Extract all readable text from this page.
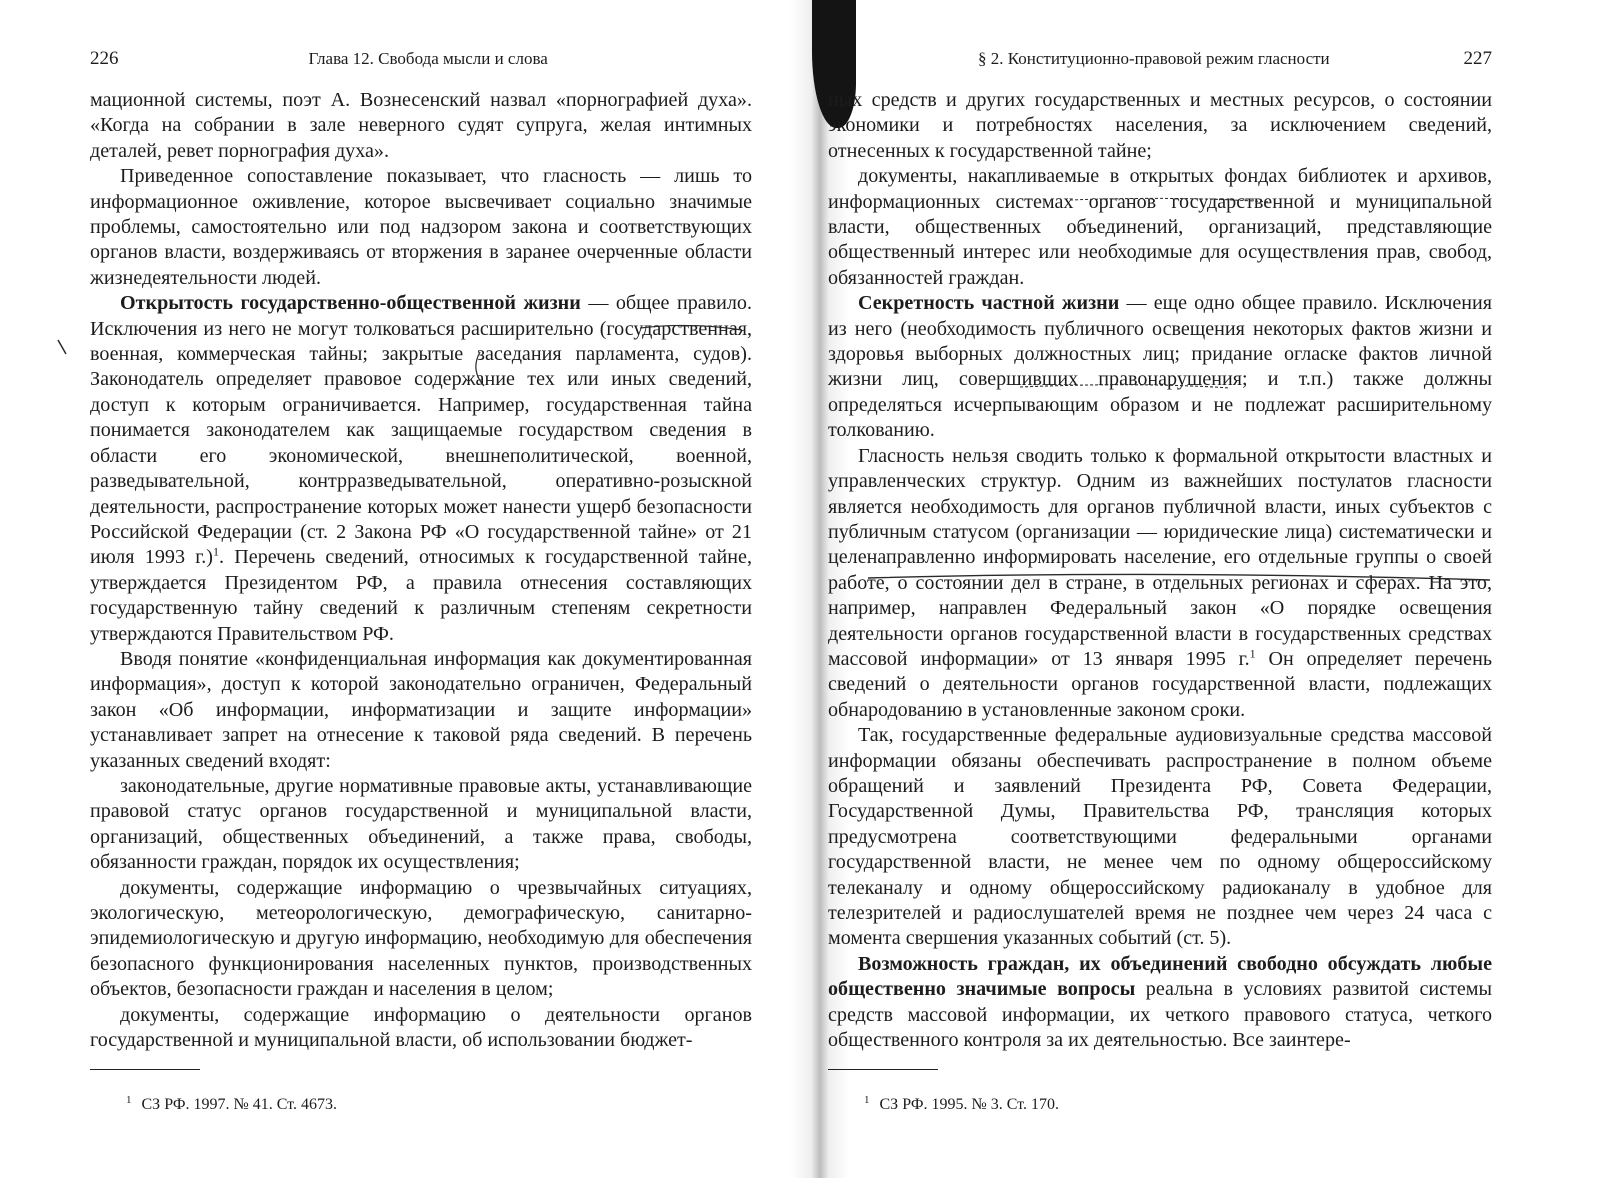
226	Глава 12. Свобода мысли и слова

мационной системы, поэт А. Вознесенский назвал «порнографией духа». «Когда на собрании в зале неверного судят супруга, желая интимных деталей, ревет порнография духа».

Приведенное сопоставление показывает, что гласность — лишь то информационное оживление, которое высвечивает социально значимые проблемы, самостоятельно или под надзором закона и соответствующих органов власти, воздерживаясь от вторжения в заранее очерченные области жизнедеятельности людей.

Открытость государственно-общественной жизни — общее правило. Исключения из него не могут толковаться расширительно (государственная, военная, коммерческая тайны; закрытые заседания парламента, судов). Законодатель определяет правовое содержание тех или иных сведений, доступ к которым ограничивается. Например, государственная тайна понимается законодателем как защищаемые государством сведения в области его экономической, внешнеполитической, военной, разведывательной, контрразведывательной, оперативно-розыскной деятельности, распространение которых может нанести ущерб безопасности Российской Федерации (ст. 2 Закона РФ «О государственной тайне» от 21 июля 1993 г.)$^1$. Перечень сведений, относимых к государственной тайне, утверждается Президентом РФ, а правила отнесения составляющих государственную тайну сведений к различным степеням секретности утверждаются Правительством РФ.

Вводя понятие «конфиденциальная информация как документированная информация», доступ к которой законодательно ограничен, Федеральный закон «Об информации, информатизации и защите информации» устанавливает запрет на отнесение к таковой ряда сведений. В перечень указанных сведений входят:

законодательные, другие нормативные правовые акты, устанавливающие правовой статус органов государственной и муниципальной власти, организаций, общественных объединений, а также права, свободы, обязанности граждан, порядок их осуществления;

документы, содержащие информацию о чрезвычайных ситуациях, экологическую, метеорологическую, демографическую, санитарно-эпидемиологическую и другую информацию, необходимую для обеспечения безопасного функционирования населенных пунктов, производственных объектов, безопасности граждан и населения в целом;

документы, содержащие информацию о деятельности органов государственной и муниципальной власти, об использовании бюджет-

$^1$ СЗ РФ. 1997. № 41. Ст. 4673.
§ 2. Конституционно-правовой режим гласности	227

ных средств и других государственных и местных ресурсов, о состоянии экономики и потребностях населения, за исключением сведений, отнесенных к государственной тайне;

документы, накапливаемые в открытых фондах библиотек и архивов, информационных системах органов государственной и муниципальной власти, общественных объединений, организаций, представляющие общественный интерес или необходимые для осуществления прав, свобод, обязанностей граждан.

Секретность частной жизни — еще одно общее правило. Исключения из него (необходимость публичного освещения некоторых фактов жизни и здоровья выборных должностных лиц; придание огласке фактов личной жизни лиц, совершивших правонарушения; и т.п.) также должны определяться исчерпывающим образом и не подлежат расширительному толкованию.

Гласность нельзя сводить только к формальной открытости властных и управленческих структур. Одним из важнейших постулатов гласности является необходимость для органов публичной власти, иных субъектов с публичным статусом (организации — юридические лица) систематически и целенаправленно информировать население, его отдельные группы о своей работе, о состоянии дел в стране, в отдельных регионах и сферах. На это, например, направлен Федеральный закон «О порядке освещения деятельности органов государственной власти в государственных средствах массовой информации» от 13 января 1995 г.$^1$ Он определяет перечень сведений о деятельности органов государственной власти, подлежащих обнародованию в установленные законом сроки.

Так, государственные федеральные аудиовизуальные средства массовой информации обязаны обеспечивать распространение в полном объеме обращений и заявлений Президента РФ, Совета Федерации, Государственной Думы, Правительства РФ, трансляция которых предусмотрена соответствующими федеральными органами государственной власти, не менее чем по одному общероссийскому телеканалу и одному общероссийскому радиоканалу в удобное для телезрителей и радиослушателей время не позднее чем через 24 часа с момента свершения указанных событий (ст. 5).

Возможность граждан, их объединений свободно обсуждать любые общественно значимые вопросы реальна в условиях развитой системы средств массовой информации, их четкого правового статуса, четкого общественного контроля за их деятельностью. Все заинтере-

$^1$ СЗ РФ. 1995. № 3. Ст. 170.
